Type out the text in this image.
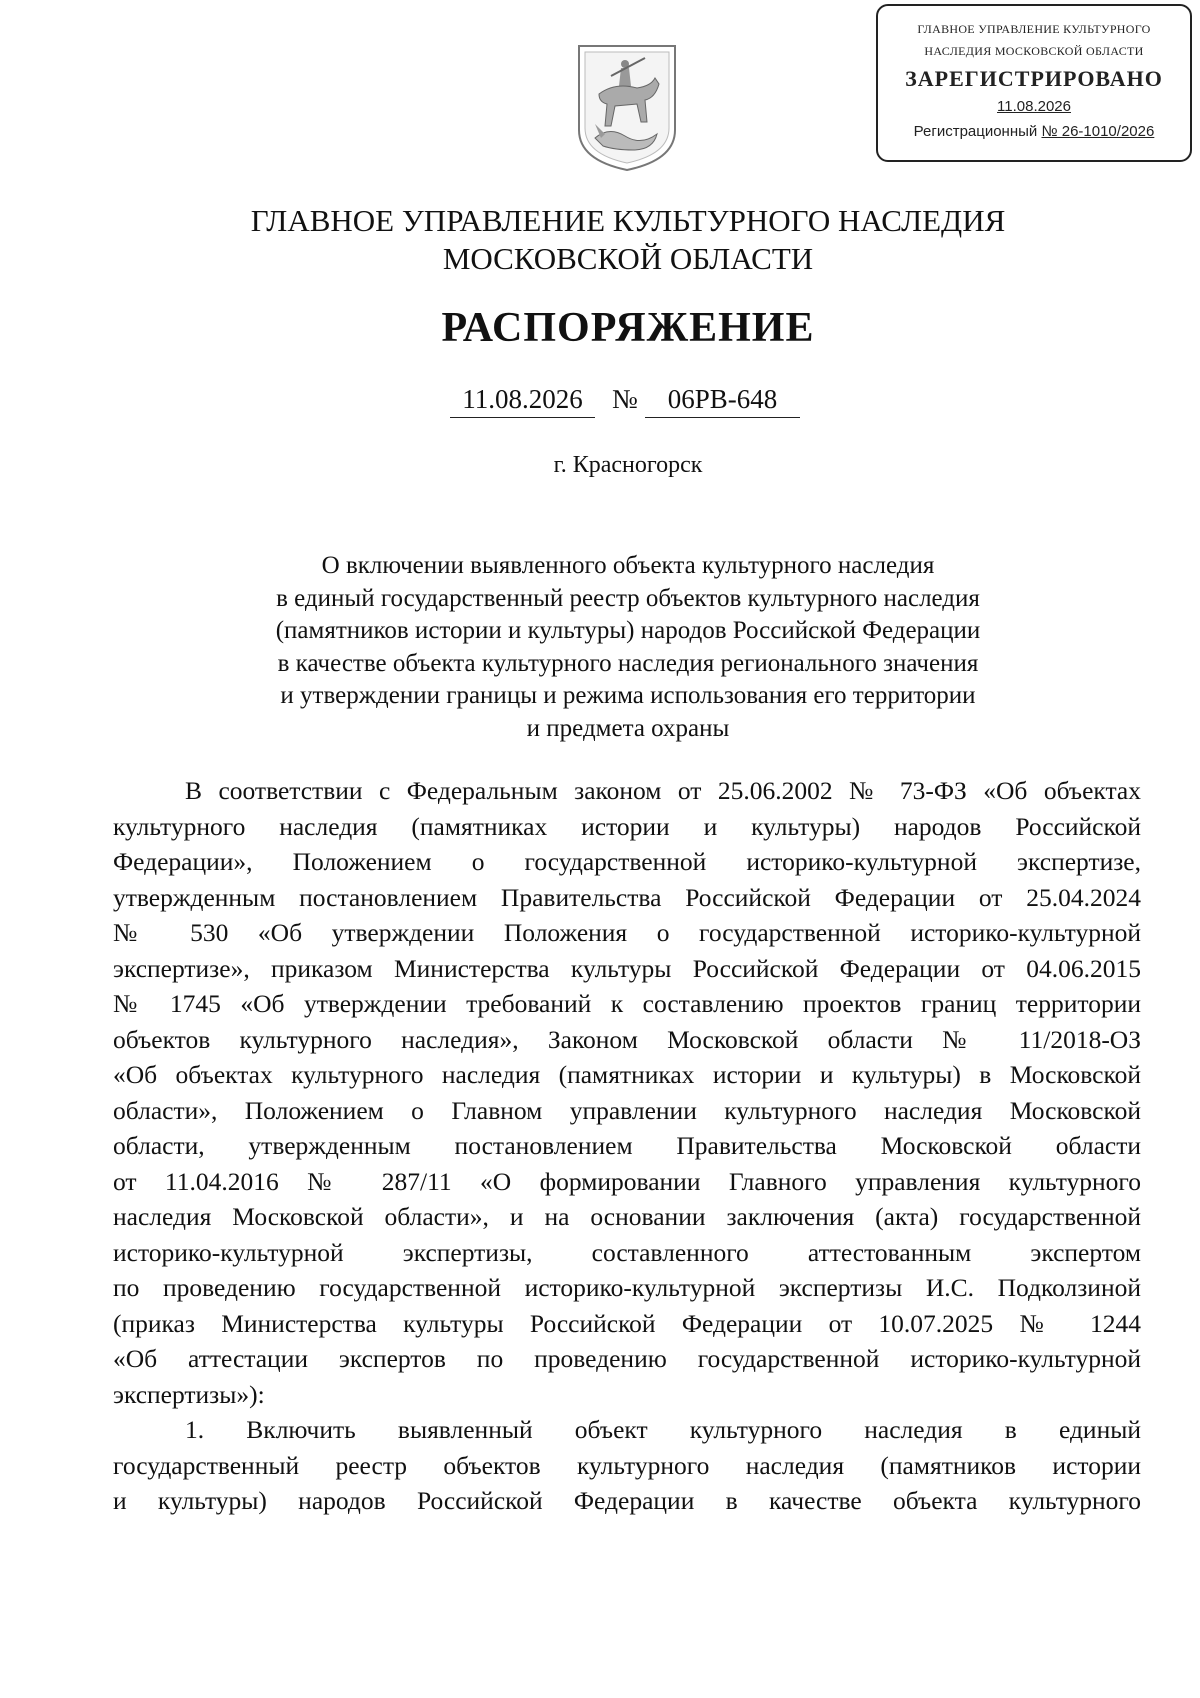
ГЛАВНОЕ УПРАВЛЕНИЕ КУЛЬТУРНОГО
НАСЛЕДИЯ МОСКОВСКОЙ ОБЛАСТИ
ЗАРЕГИСТРИРОВАНО
11.08.2026
Регистрационный № 26-1010/2026
ГЛАВНОЕ УПРАВЛЕНИЕ КУЛЬТУРНОГО НАСЛЕДИЯ
МОСКОВСКОЙ ОБЛАСТИ
РАСПОРЯЖЕНИЕ
11.08.2026	№	06РВ-648
г. Красногорск
О включении выявленного объекта культурного наследия
в единый государственный реестр объектов культурного наследия
(памятников истории и культуры) народов Российской Федерации
в качестве объекта культурного наследия регионального значения
и утверждении границы и режима использования его территории
и предмета охраны
В соответствии с Федеральным законом от 25.06.2002 № 73-ФЗ «Об объектах
культурного наследия (памятниках истории и культуры) народов Российской
Федерации», Положением о государственной историко-культурной экспертизе,
утвержденным постановлением Правительства Российской Федерации от 25.04.2024
№ 530 «Об утверждении Положения о государственной историко-культурной
экспертизе», приказом Министерства культуры Российской Федерации от 04.06.2015
№ 1745 «Об утверждении требований к составлению проектов границ территории
объектов культурного наследия», Законом Московской области № 11/2018-ОЗ
«Об объектах культурного наследия (памятниках истории и культуры) в Московской
области», Положением о Главном управлении культурного наследия Московской
области, утвержденным постановлением Правительства Московской области
от 11.04.2016 № 287/11 «О формировании Главного управления культурного
наследия Московской области», и на основании заключения (акта) государственной
историко-культурной экспертизы, составленного аттестованным экспертом
по проведению государственной историко-культурной экспертизы И.С. Подколзиной
(приказ Министерства культуры Российской Федерации от 10.07.2025 № 1244
«Об аттестации экспертов по проведению государственной историко-культурной
экспертизы»):
1. Включить выявленный объект культурного наследия в единый
государственный реестр объектов культурного наследия (памятников истории
и культуры) народов Российской Федерации в качестве объекта культурного
